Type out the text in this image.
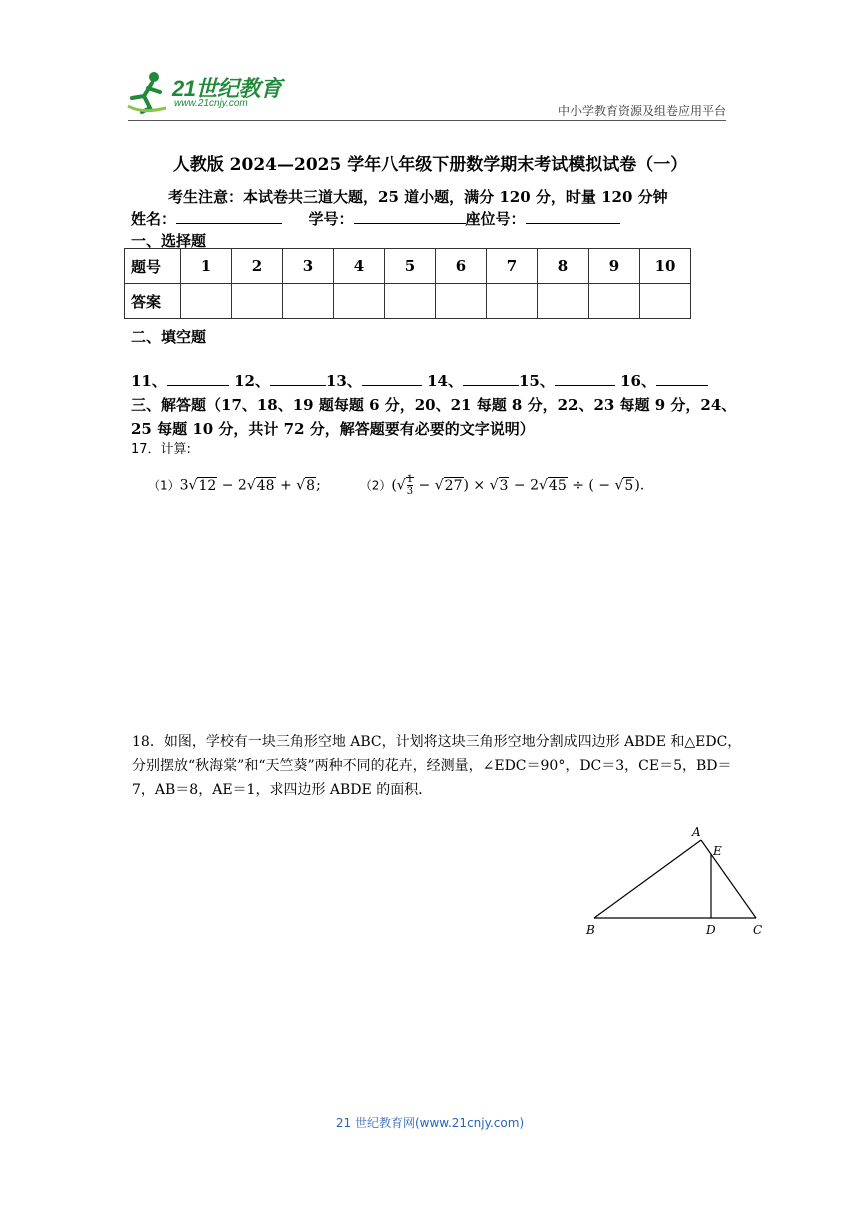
21世纪教育
www.21cnjy.com
中小学教育资源及组卷应用平台
人教版 2024—2025 学年八年级下册数学期末考试模拟试卷（一）
考生注意：本试卷共三道大题，25 道小题，满分 120 分，时量 120 分钟
姓名：	学号：	座位号：
一、选择题
题号	1	2	3	4	5	6	7	8	9	10
答案										
二、填空题
11、	12、	13、	14、	15、	16、
三、解答题（17、18、19 题每题 6 分，20、21 每题 8 分，22、23 每题 9 分，24、25 每题 10 分，共计 72 分，解答题要有必要的文字说明）
17．计算:
（1）3√12 − 2√48 + √8;	$(2)(√ \frac{1}{3} - √27) \times √3 - 2√45$ ÷ ( − √5).
18．如图，学校有一块三角形空地 ABC，计划将这块三角形空地分割成四边形 ABDE 和△EDC，分别摆放“秋海棠”和“天竺葵”两种不同的花卉，经测量，∠EDC＝90°，DC＝3，CE＝5，BD＝7，AB＝8，AE＝1，求四边形 ABDE 的面积．
A
E
B	D	C
21 世纪教育网(www.21cnjy.com)
